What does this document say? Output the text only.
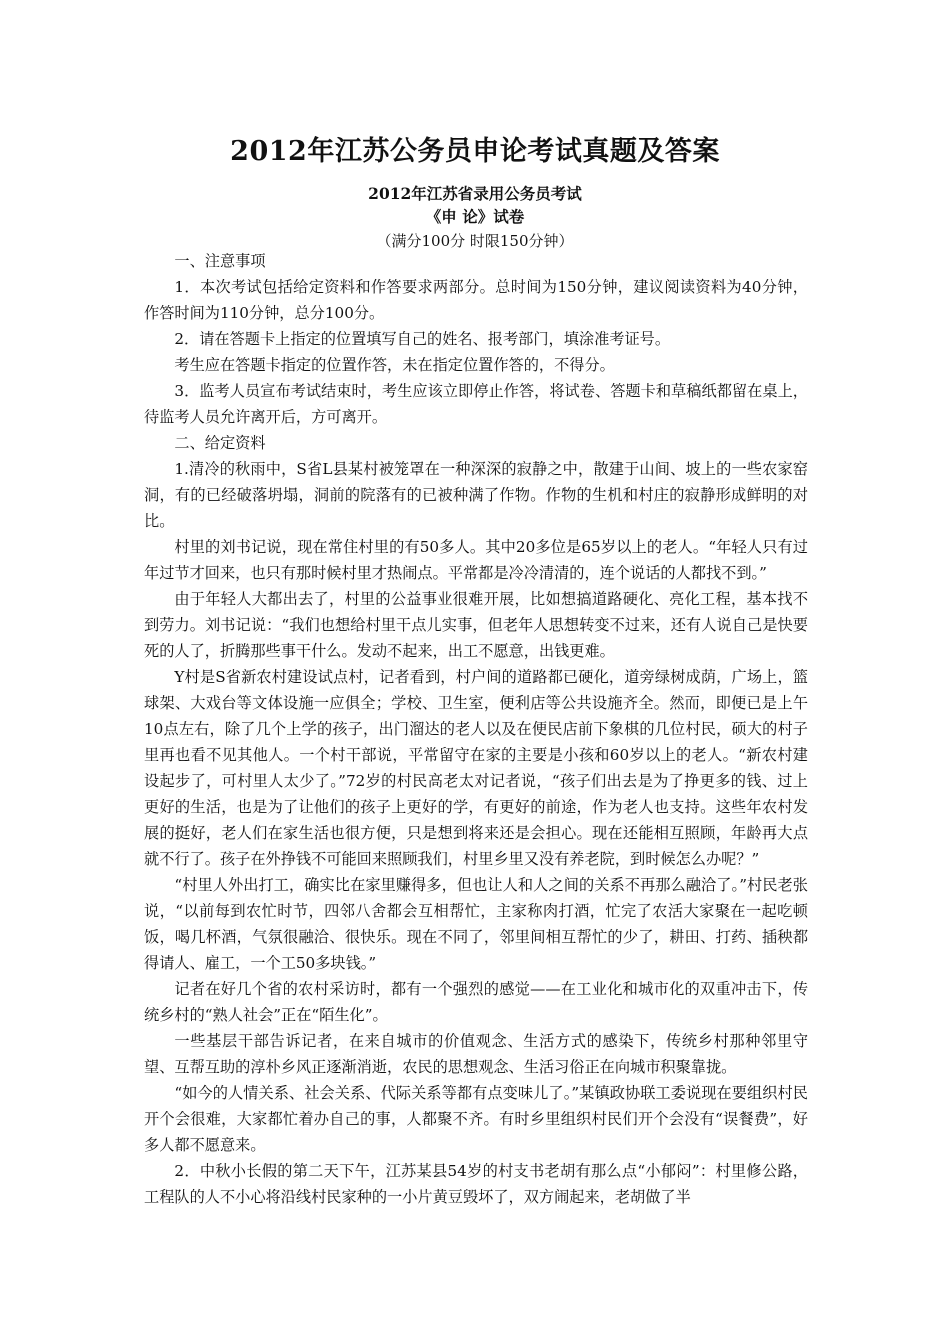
2012年江苏公务员申论考试真题及答案
2012年江苏省录用公务员考试
《申 论》试卷
（满分100分 时限150分钟）

一、注意事项

1．本次考试包括给定资料和作答要求两部分。总时间为150分钟，建议阅读资料为40分钟，作答时间为110分钟，总分100分。

2．请在答题卡上指定的位置填写自己的姓名、报考部门，填涂准考证号。

考生应在答题卡指定的位置作答，未在指定位置作答的，不得分。

3．监考人员宣布考试结束时，考生应该立即停止作答，将试卷、答题卡和草稿纸都留在桌上，待监考人员允许离开后，方可离开。

二、给定资料

1.清冷的秋雨中，S省L县某村被笼罩在一种深深的寂静之中，散建于山间、坡上的一些农家窑洞，有的已经破落坍塌，洞前的院落有的已被种满了作物。作物的生机和村庄的寂静形成鲜明的对比。

村里的刘书记说，现在常住村里的有50多人。其中20多位是65岁以上的老人。“年轻人只有过年过节才回来，也只有那时候村里才热闹点。平常都是冷冷清清的，连个说话的人都找不到。”

由于年轻人大都出去了，村里的公益事业很难开展，比如想搞道路硬化、亮化工程，基本找不到劳力。刘书记说：“我们也想给村里干点儿实事，但老年人思想转变不过来，还有人说自己是快要死的人了，折腾那些事干什么。发动不起来，出工不愿意，出钱更难。

Y村是S省新农村建设试点村，记者看到，村户间的道路都已硬化，道旁绿树成荫，广场上，篮球架、大戏台等文体设施一应俱全；学校、卫生室，便利店等公共设施齐全。然而，即便已是上午10点左右，除了几个上学的孩子，出门溜达的老人以及在便民店前下象棋的几位村民，硕大的村子里再也看不见其他人。一个村干部说，平常留守在家的主要是小孩和60岁以上的老人。“新农村建设起步了，可村里人太少了。”72岁的村民高老太对记者说，“孩子们出去是为了挣更多的钱、过上更好的生活，也是为了让他们的孩子上更好的学，有更好的前途，作为老人也支持。这些年农村发展的挺好，老人们在家生活也很方便，只是想到将来还是会担心。现在还能相互照顾，年龄再大点就不行了。孩子在外挣钱不可能回来照顾我们，村里乡里又没有养老院，到时候怎么办呢？”

“村里人外出打工，确实比在家里赚得多，但也让人和人之间的关系不再那么融洽了。”村民老张说，“以前每到农忙时节，四邻八舍都会互相帮忙，主家称肉打酒，忙完了农活大家聚在一起吃顿饭，喝几杯酒，气氛很融洽、很快乐。现在不同了，邻里间相互帮忙的少了，耕田、打药、插秧都得请人、雇工，一个工50多块钱。”

记者在好几个省的农村采访时，都有一个强烈的感觉——在工业化和城市化的双重冲击下，传统乡村的“熟人社会”正在“陌生化”。

一些基层干部告诉记者，在来自城市的价值观念、生活方式的感染下，传统乡村那种邻里守望、互帮互助的淳朴乡风正逐渐消逝，农民的思想观念、生活习俗正在向城市积聚靠拢。

“如今的人情关系、社会关系、代际关系等都有点变味儿了。”某镇政协联工委说现在要组织村民开个会很难，大家都忙着办自己的事，人都聚不齐。有时乡里组织村民们开个会没有“误餐费”，好多人都不愿意来。

2．中秋小长假的第二天下午，江苏某县54岁的村支书老胡有那么点“小郁闷”：村里修公路，工程队的人不小心将沿线村民家种的一小片黄豆毁坏了，双方闹起来，老胡做了半
